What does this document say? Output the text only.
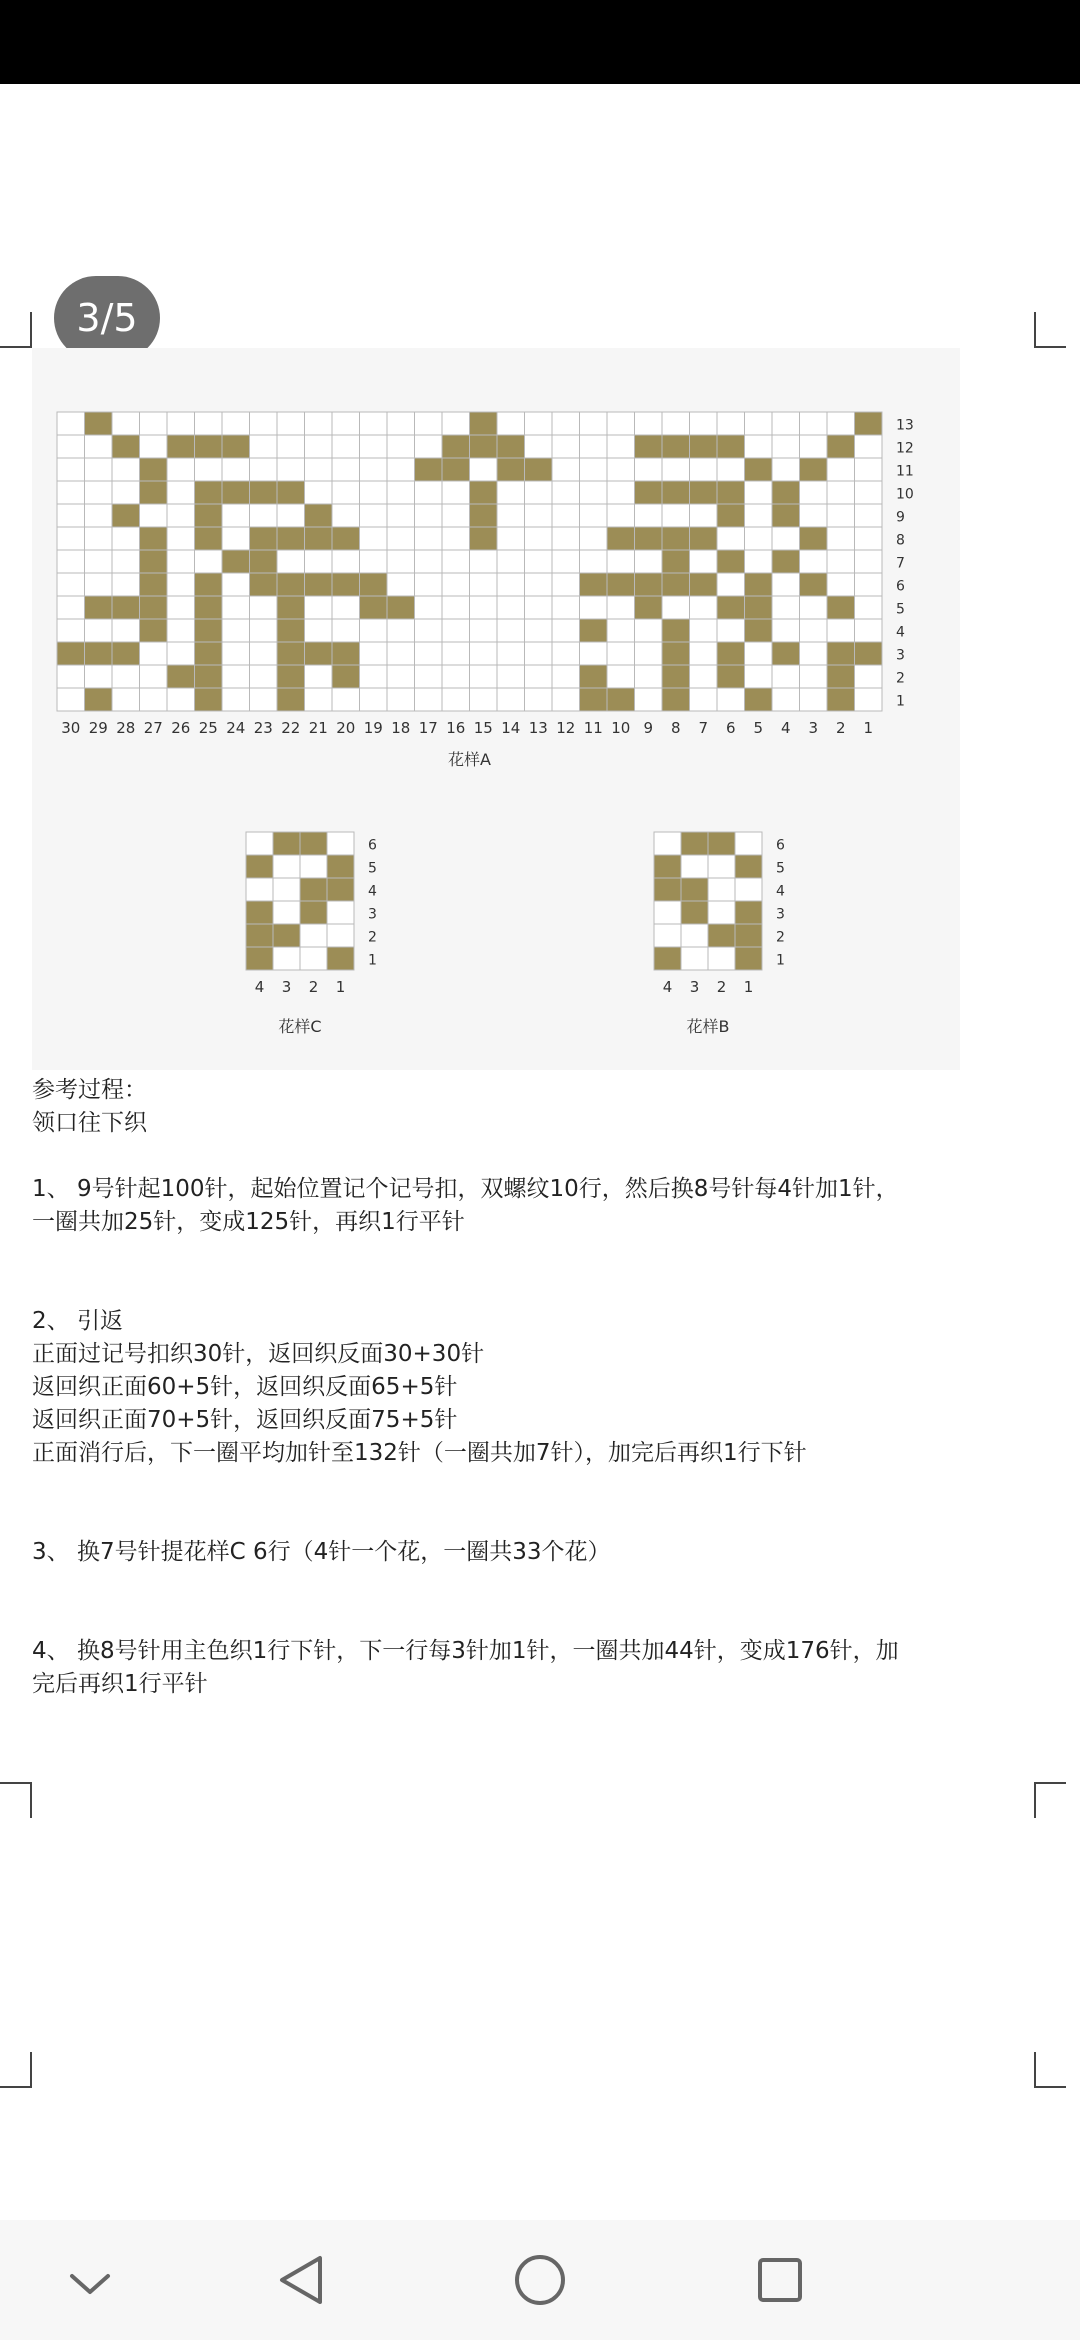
3/5
13
12
11
10
9
8
7
6
5
4
3
2
1
30 29 28 27 26 25 24 23 22 21 20 19 18 17 16 15 14 13 12 11 10 9 8 7 6 5 4 3 2 1
花样A
6
5
4
3
2
1
4 3 2 1
花样C
6
5
4
3
2
1
4 3 2 1
花样B
参考过程：
领口往下织
1、 9号针起100针，起始位置记个记号扣，双螺纹10行，然后换8号针每4针加1针，
一圈共加25针，变成125针，再织1行平针
2、 引返
正面过记号扣织30针，返回织反面30+30针
返回织正面60+5针，返回织反面65+5针
返回织正面70+5针，返回织反面75+5针
正面消行后，下一圈平均加针至132针（一圈共加7针），加完后再织1行下针
3、 换7号针提花样C 6行（4针一个花，一圈共33个花）
4、 换8号针用主色织1行下针，下一行每3针加1针，一圈共加44针，变成176针，加
完后再织1行平针
